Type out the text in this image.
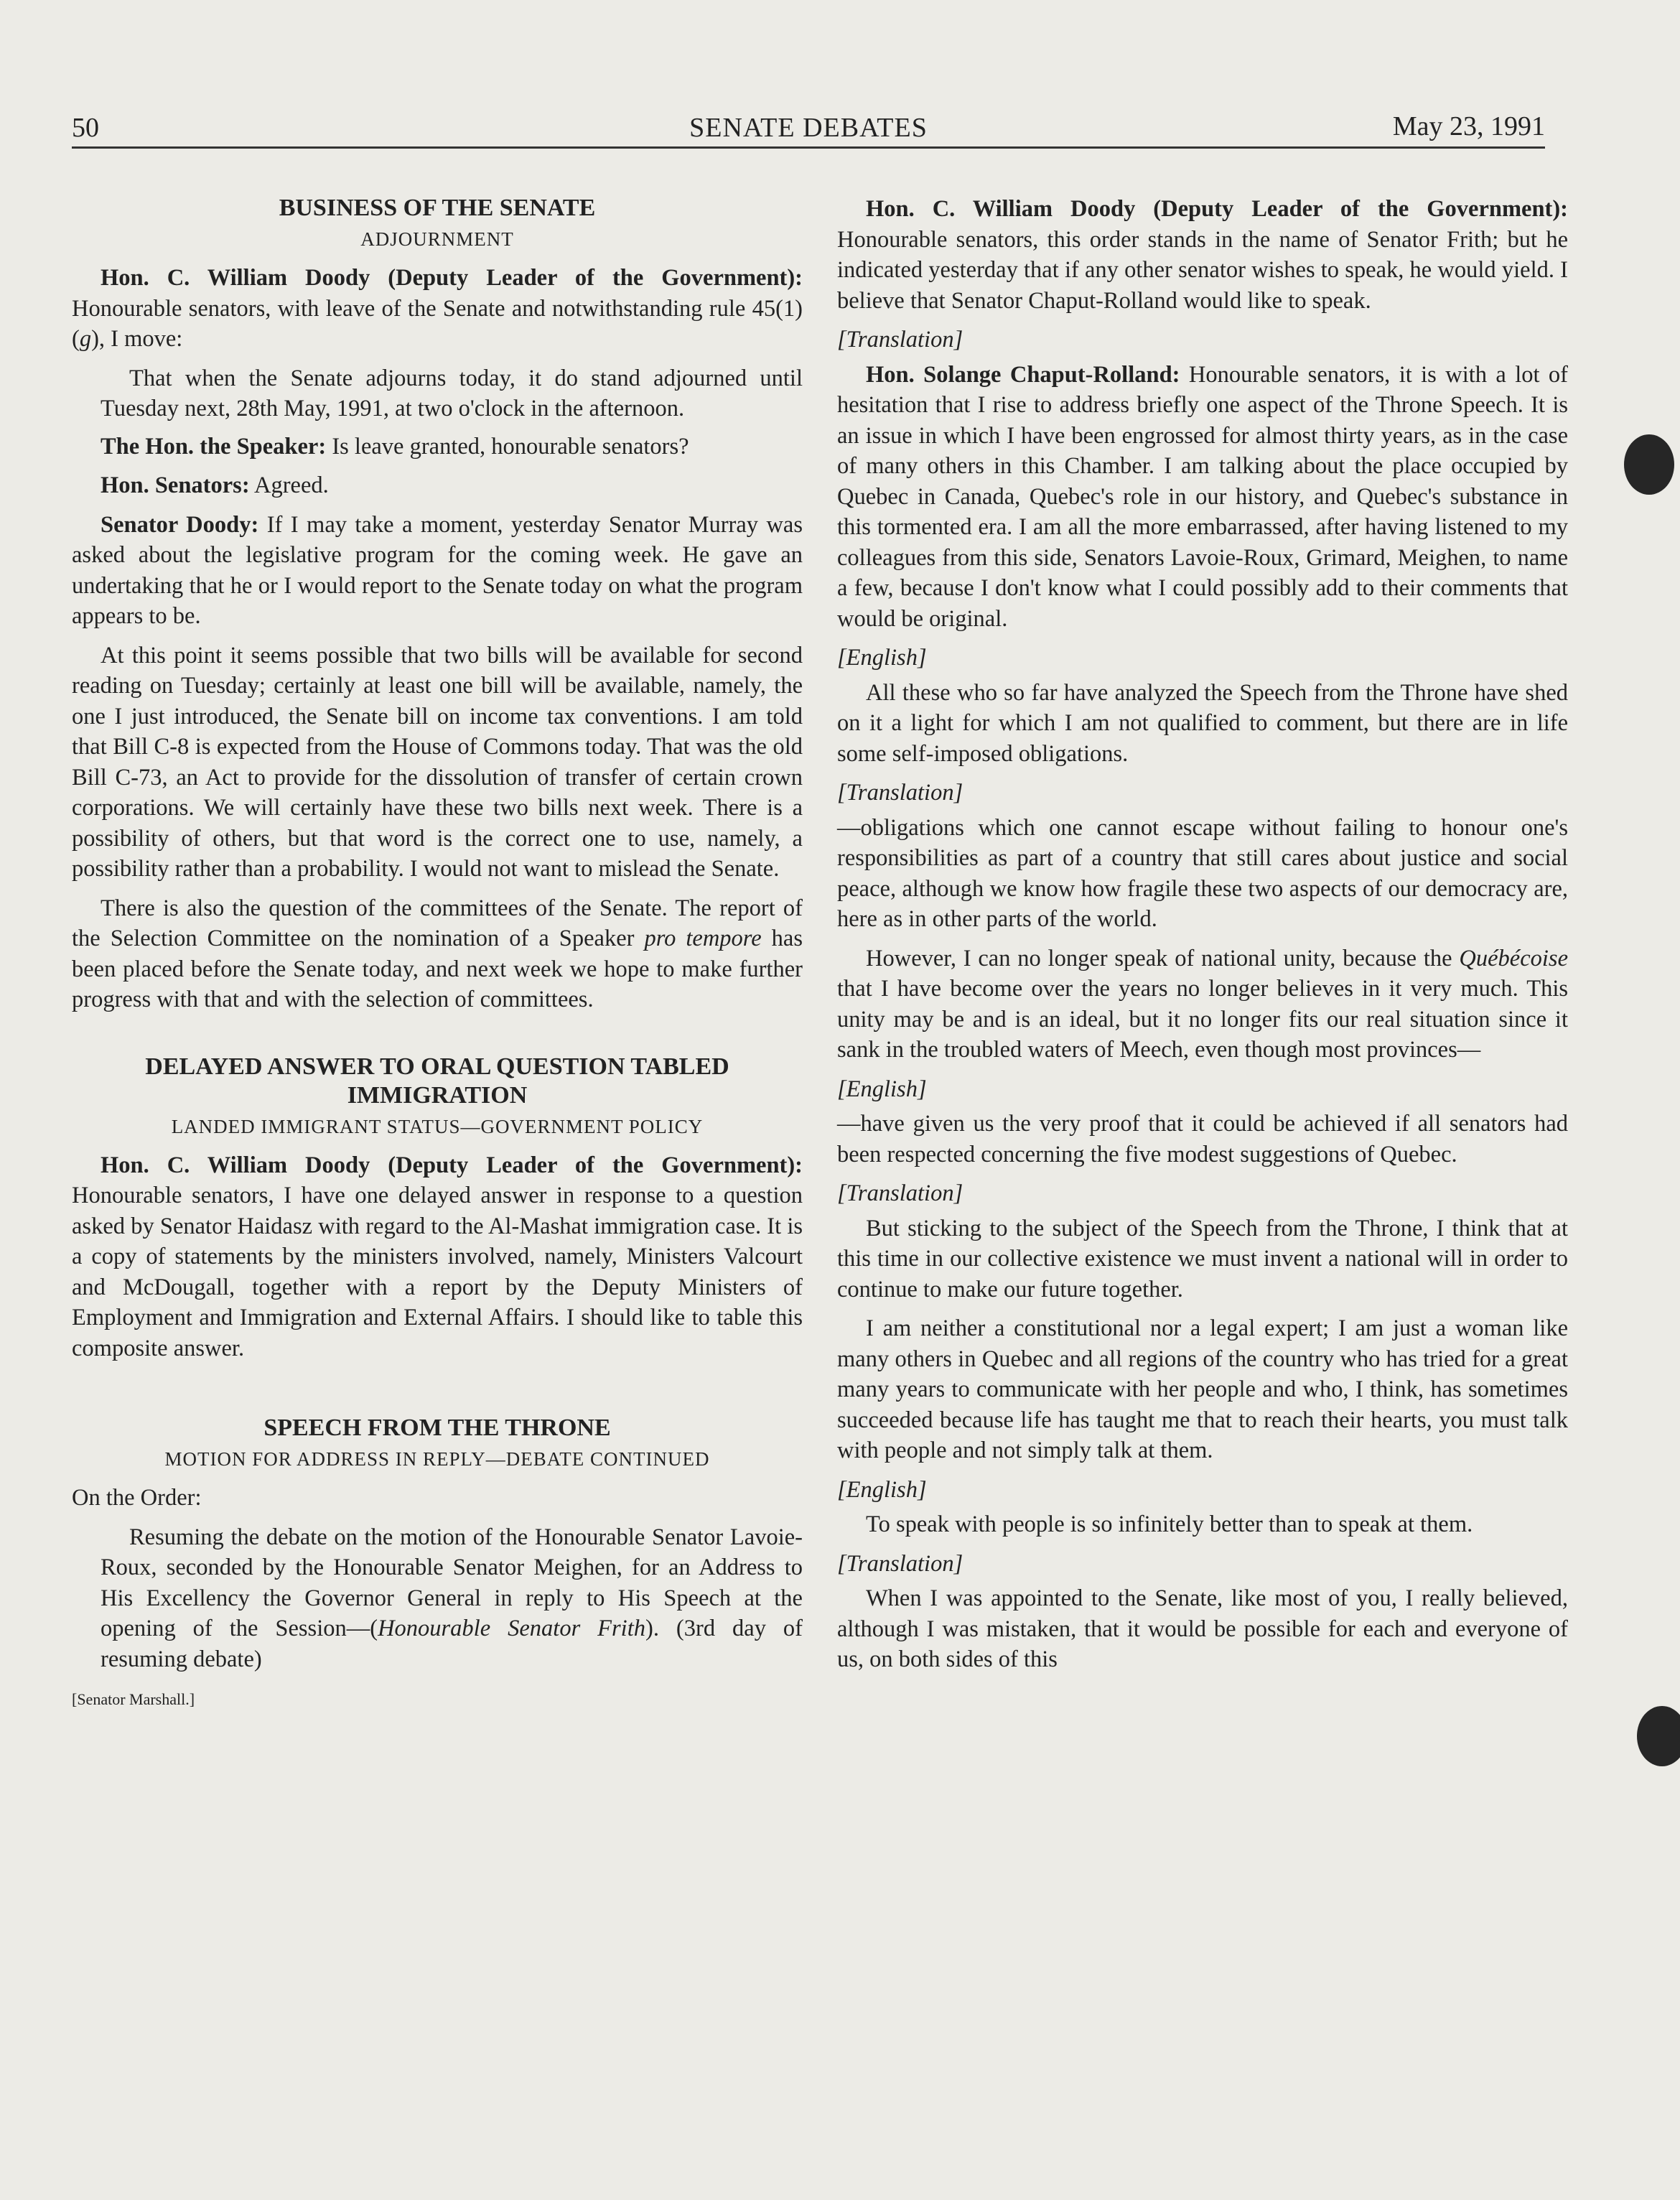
50	SENATE DEBATES	May 23, 1991
BUSINESS OF THE SENATE
ADJOURNMENT

Hon. C. William Doody (Deputy Leader of the Government): Honourable senators, with leave of the Senate and notwithstanding rule 45(1)(g), I move:

That when the Senate adjourns today, it do stand adjourned until Tuesday next, 28th May, 1991, at two o'clock in the afternoon.

The Hon. the Speaker: Is leave granted, honourable senators?

Hon. Senators: Agreed.

Senator Doody: If I may take a moment, yesterday Senator Murray was asked about the legislative program for the coming week. He gave an undertaking that he or I would report to the Senate today on what the program appears to be.

At this point it seems possible that two bills will be available for second reading on Tuesday; certainly at least one bill will be available, namely, the one I just introduced, the Senate bill on income tax conventions. I am told that Bill C-8 is expected from the House of Commons today. That was the old Bill C-73, an Act to provide for the dissolution of transfer of certain crown corporations. We will certainly have these two bills next week. There is a possibility of others, but that word is the correct one to use, namely, a possibility rather than a probability. I would not want to mislead the Senate.

There is also the question of the committees of the Senate. The report of the Selection Committee on the nomination of a Speaker pro tempore has been placed before the Senate today, and next week we hope to make further progress with that and with the selection of committees.

DELAYED ANSWER TO ORAL QUESTION TABLED
IMMIGRATION
LANDED IMMIGRANT STATUS—GOVERNMENT POLICY

Hon. C. William Doody (Deputy Leader of the Government): Honourable senators, I have one delayed answer in response to a question asked by Senator Haidasz with regard to the Al-Mashat immigration case. It is a copy of statements by the ministers involved, namely, Ministers Valcourt and McDougall, together with a report by the Deputy Ministers of Employment and Immigration and External Affairs. I should like to table this composite answer.

SPEECH FROM THE THRONE
MOTION FOR ADDRESS IN REPLY—DEBATE CONTINUED

On the Order:

Resuming the debate on the motion of the Honourable Senator Lavoie-Roux, seconded by the Honourable Senator Meighen, for an Address to His Excellency the Governor General in reply to His Speech at the opening of the Session—(Honourable Senator Frith). (3rd day of resuming debate)

[Senator Marshall.]

Hon. C. William Doody (Deputy Leader of the Government): Honourable senators, this order stands in the name of Senator Frith; but he indicated yesterday that if any other senator wishes to speak, he would yield. I believe that Senator Chaput-Rolland would like to speak.

[Translation]

Hon. Solange Chaput-Rolland: Honourable senators, it is with a lot of hesitation that I rise to address briefly one aspect of the Throne Speech. It is an issue in which I have been engrossed for almost thirty years, as in the case of many others in this Chamber. I am talking about the place occupied by Quebec in Canada, Quebec's role in our history, and Quebec's substance in this tormented era. I am all the more embarrassed, after having listened to my colleagues from this side, Senators Lavoie-Roux, Grimard, Meighen, to name a few, because I don't know what I could possibly add to their comments that would be original.

[English]

All these who so far have analyzed the Speech from the Throne have shed on it a light for which I am not qualified to comment, but there are in life some self-imposed obligations.

[Translation]

—obligations which one cannot escape without failing to honour one's responsibilities as part of a country that still cares about justice and social peace, although we know how fragile these two aspects of our democracy are, here as in other parts of the world.

However, I can no longer speak of national unity, because the Québécoise that I have become over the years no longer believes in it very much. This unity may be and is an ideal, but it no longer fits our real situation since it sank in the troubled waters of Meech, even though most provinces—

[English]

—have given us the very proof that it could be achieved if all senators had been respected concerning the five modest suggestions of Quebec.

[Translation]

But sticking to the subject of the Speech from the Throne, I think that at this time in our collective existence we must invent a national will in order to continue to make our future together.

I am neither a constitutional nor a legal expert; I am just a woman like many others in Quebec and all regions of the country who has tried for a great many years to communicate with her people and who, I think, has sometimes succeeded because life has taught me that to reach their hearts, you must talk with people and not simply talk at them.

[English]

To speak with people is so infinitely better than to speak at them.

[Translation]

When I was appointed to the Senate, like most of you, I really believed, although I was mistaken, that it would be possible for each and everyone of us, on both sides of this
